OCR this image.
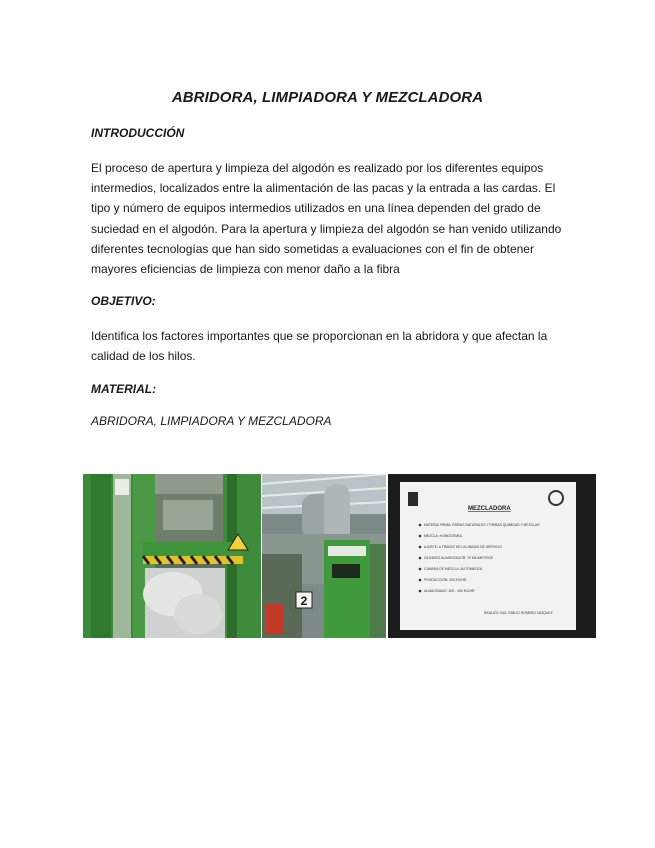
ABRIDORA, LIMPIADORA Y MEZCLADORA
INTRODUCCIÓN
El proceso de apertura y limpieza del algodón es realizado por los diferentes equipos
intermedios, localizados entre la alimentación de las pacas y la entrada a las cardas. El
tipo y número de equipos intermedios utilizados en una línea dependen del grado de
suciedad en el algodón. Para la apertura y limpieza del algodón se han venido utilizando
diferentes tecnologías que han sido sometidas a evaluaciones con el fin de obtener
mayores eficiencias de limpieza con menor daño a la fibra
OBJETIVO:
Identifica los factores importantes que se proporcionan en la abridora y que afectan la
calidad de los hilos.
MATERIAL:
ABRIDORA, LIMPIADORA Y MEZCLADORA
2
MEZCLADORA
MATERIA PRIMA: FIBRAS NATURALES Y FIBRAS QUIMICAS Y MEZCLAS
MEZCLA: HOMOGENEA
AJUSTE: A TRAVEZ DE LA UNIDAD DE SERVICIO
CILINDRO ALIMENTADOR: 70 MILIMETROS
CAMARA DE MEZCLA: AUTOMATICA
PRODUCCION: 300 KG/HR
ALMACENAJE: 200 - 400 KG/HR
REALIZO: ING. EMILIO ROMERO VAZQUEZ
